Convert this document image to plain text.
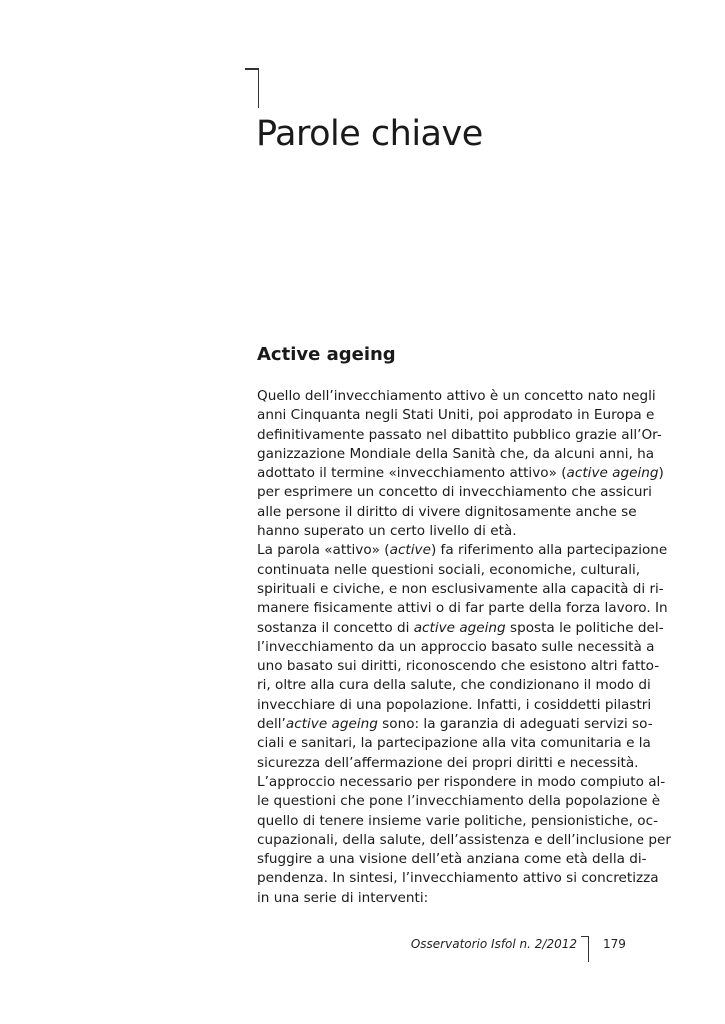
Parole chiave
Active ageing
Quello dell’invecchiamento attivo è un concetto nato negli
anni Cinquanta negli Stati Uniti, poi approdato in Europa e
definitivamente passato nel dibattito pubblico grazie all’Or-
ganizzazione Mondiale della Sanità che, da alcuni anni, ha
adottato il termine «invecchiamento attivo» (active ageing)
per esprimere un concetto di invecchiamento che assicuri
alle persone il diritto di vivere dignitosamente anche se
hanno superato un certo livello di età.
La parola «attivo» (active) fa riferimento alla partecipazione
continuata nelle questioni sociali, economiche, culturali,
spirituali e civiche, e non esclusivamente alla capacità di ri-
manere fisicamente attivi o di far parte della forza lavoro. In
sostanza il concetto di active ageing sposta le politiche del-
l’invecchiamento da un approccio basato sulle necessità a
uno basato sui diritti, riconoscendo che esistono altri fatto-
ri, oltre alla cura della salute, che condizionano il modo di
invecchiare di una popolazione. Infatti, i cosiddetti pilastri
dell’active ageing sono: la garanzia di adeguati servizi so-
ciali e sanitari, la partecipazione alla vita comunitaria e la
sicurezza dell’affermazione dei propri diritti e necessità.
L’approccio necessario per rispondere in modo compiuto al-
le questioni che pone l’invecchiamento della popolazione è
quello di tenere insieme varie politiche, pensionistiche, oc-
cupazionali, della salute, dell’assistenza e dell’inclusione per
sfuggire a una visione dell’età anziana come età della di-
pendenza. In sintesi, l’invecchiamento attivo si concretizza
in una serie di interventi:
Osservatorio Isfol n. 2/2012 179
